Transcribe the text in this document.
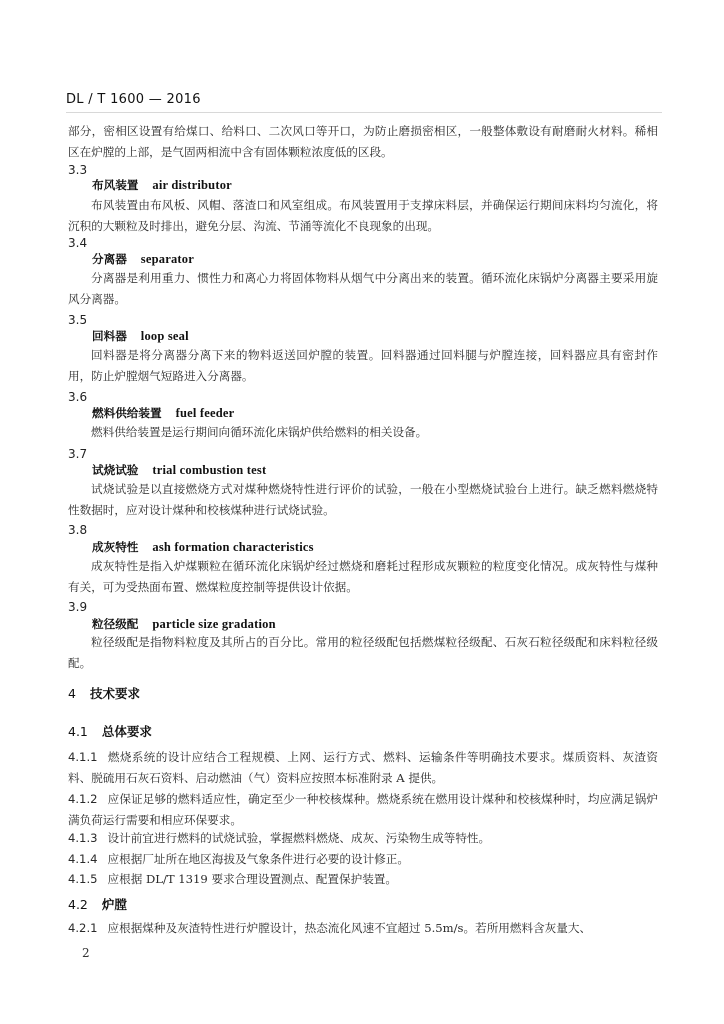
DL / T 1600 — 2016
部分，密相区设置有给煤口、给料口、二次风口等开口，为防止磨损密相区，一般整体敷设有耐磨耐火材料。稀相区在炉膛的上部，是气固两相流中含有固体颗粒浓度低的区段。
3.3
布风装置 air distributor
布风装置由布风板、风帽、落渣口和风室组成。布风装置用于支撑床料层，并确保运行期间床料均匀流化，将沉积的大颗粒及时排出，避免分层、沟流、节涌等流化不良现象的出现。
3.4
分离器 separator
分离器是利用重力、惯性力和离心力将固体物料从烟气中分离出来的装置。循环流化床锅炉分离器主要采用旋风分离器。
3.5
回料器 loop seal
回料器是将分离器分离下来的物料返送回炉膛的装置。回料器通过回料腿与炉膛连接，回料器应具有密封作用，防止炉膛烟气短路进入分离器。
3.6
燃料供给装置 fuel feeder
燃料供给装置是运行期间向循环流化床锅炉供给燃料的相关设备。
3.7
试烧试验 trial combustion test
试烧试验是以直接燃烧方式对煤种燃烧特性进行评价的试验，一般在小型燃烧试验台上进行。缺乏燃料燃烧特性数据时，应对设计煤种和校核煤种进行试烧试验。
3.8
成灰特性 ash formation characteristics
成灰特性是指入炉煤颗粒在循环流化床锅炉经过燃烧和磨耗过程形成灰颗粒的粒度变化情况。成灰特性与煤种有关，可为受热面布置、燃煤粒度控制等提供设计依据。
3.9
粒径级配 particle size gradation
粒径级配是指物料粒度及其所占的百分比。常用的粒径级配包括燃煤粒径级配、石灰石粒径级配和床料粒径级配。
4 技术要求
4.1 总体要求
4.1.1 燃烧系统的设计应结合工程规模、上网、运行方式、燃料、运输条件等明确技术要求。煤质资料、灰渣资料、脱硫用石灰石资料、启动燃油（气）资料应按照本标准附录 A 提供。
4.1.2 应保证足够的燃料适应性，确定至少一种校核煤种。燃烧系统在燃用设计煤种和校核煤种时，均应满足锅炉满负荷运行需要和相应环保要求。
4.1.3 设计前宜进行燃料的试烧试验，掌握燃料燃烧、成灰、污染物生成等特性。
4.1.4 应根据厂址所在地区海拔及气象条件进行必要的设计修正。
4.1.5 应根据 DL/T 1319 要求合理设置测点、配置保护装置。
4.2 炉膛
4.2.1 应根据煤种及灰渣特性进行炉膛设计，热态流化风速不宜超过 5.5m/s。若所用燃料含灰量大、
2
